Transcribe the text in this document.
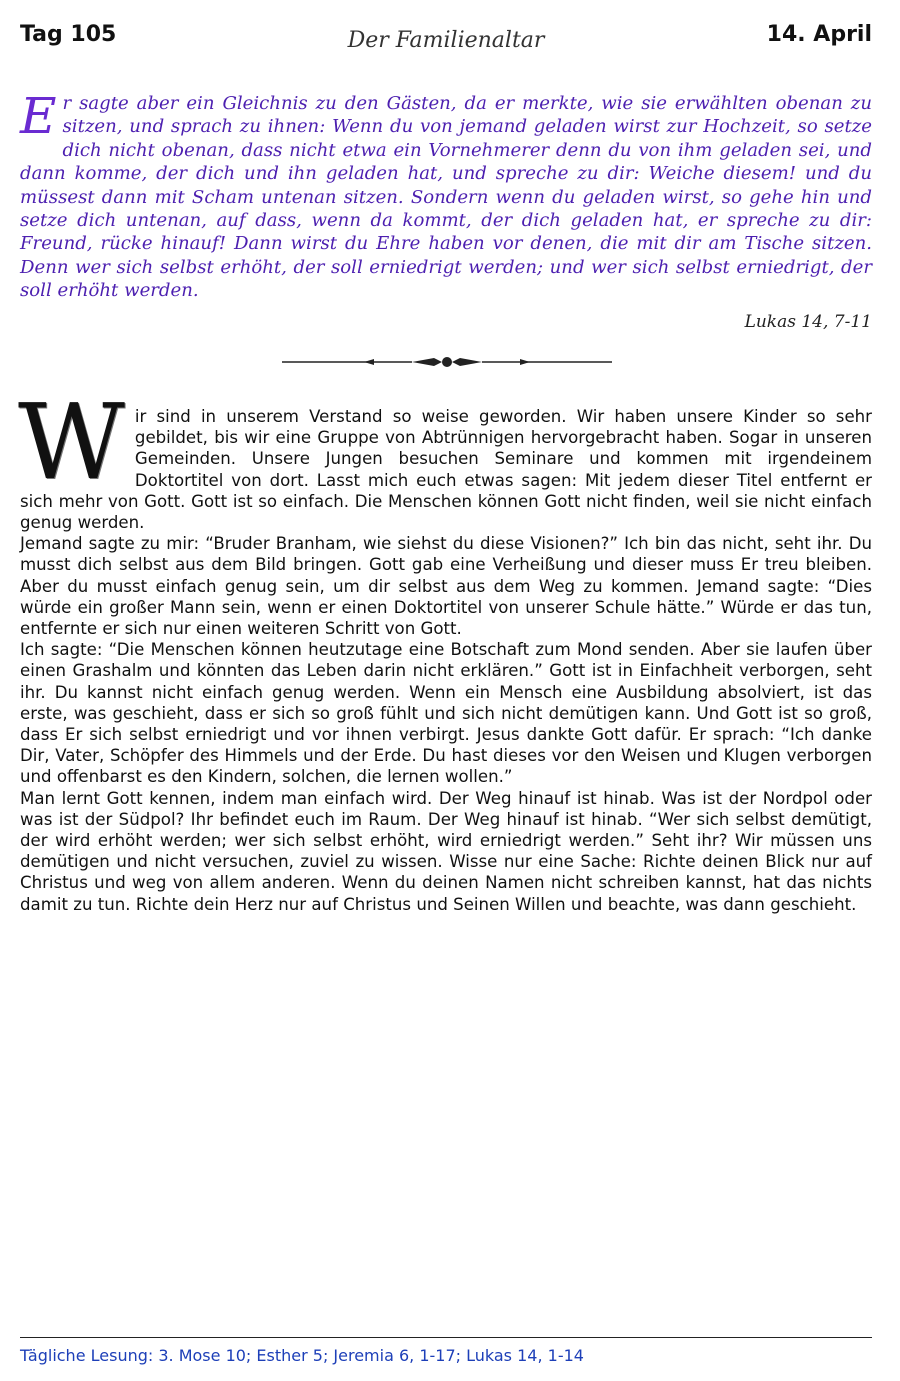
Tag 105	Der Familienaltar	14. April
Er sagte aber ein Gleichnis zu den Gästen, da er merkte, wie sie erwählten obenan zu sitzen, und sprach zu ihnen: Wenn du von jemand geladen wirst zur Hochzeit, so setze dich nicht obenan, dass nicht etwa ein Vornehmerer denn du von ihm geladen sei, und dann komme, der dich und ihn geladen hat, und spreche zu dir: Weiche diesem! und du müssest dann mit Scham untenan sitzen. Sondern wenn du geladen wirst, so gehe hin und setze dich untenan, auf dass, wenn da kommt, der dich geladen hat, er spreche zu dir: Freund, rücke hinauf! Dann wirst du Ehre haben vor denen, die mit dir am Tische sitzen. Denn wer sich selbst erhöht, der soll erniedrigt werden; und wer sich selbst erniedrigt, der soll erhöht werden.
Lukas 14, 7-11

Wir sind in unserem Verstand so weise geworden. Wir haben unsere Kinder so sehr gebildet, bis wir eine Gruppe von Abtrünnigen hervorgebracht haben. Sogar in unseren Gemeinden. Unsere Jungen besuchen Seminare und kommen mit irgendeinem Doktortitel von dort. Lasst mich euch etwas sagen: Mit jedem dieser Titel entfernt er sich mehr von Gott. Gott ist so einfach. Die Menschen können Gott nicht finden, weil sie nicht einfach genug werden.

Jemand sagte zu mir: “Bruder Branham, wie siehst du diese Visionen?” Ich bin das nicht, seht ihr. Du musst dich selbst aus dem Bild bringen. Gott gab eine Verheißung und dieser muss Er treu bleiben. Aber du musst einfach genug sein, um dir selbst aus dem Weg zu kommen. Jemand sagte: “Dies würde ein großer Mann sein, wenn er einen Doktortitel von unserer Schule hätte.” Würde er das tun, entfernte er sich nur einen weiteren Schritt von Gott.

Ich sagte: “Die Menschen können heutzutage eine Botschaft zum Mond senden. Aber sie laufen über einen Grashalm und könnten das Leben darin nicht erklären.” Gott ist in Einfachheit verborgen, seht ihr. Du kannst nicht einfach genug werden. Wenn ein Mensch eine Ausbildung absolviert, ist das erste, was geschieht, dass er sich so groß fühlt und sich nicht demütigen kann. Und Gott ist so groß, dass Er sich selbst erniedrigt und vor ihnen verbirgt. Jesus dankte Gott dafür. Er sprach: “Ich danke Dir, Vater, Schöpfer des Himmels und der Erde. Du hast dieses vor den Weisen und Klugen verborgen und offenbarst es den Kindern, solchen, die lernen wollen.”

Man lernt Gott kennen, indem man einfach wird. Der Weg hinauf ist hinab. Was ist der Nordpol oder was ist der Südpol? Ihr befindet euch im Raum. Der Weg hinauf ist hinab. “Wer sich selbst demütigt, der wird erhöht werden; wer sich selbst erhöht, wird erniedrigt werden.” Seht ihr? Wir müssen uns demütigen und nicht versuchen, zuviel zu wissen. Wisse nur eine Sache: Richte deinen Blick nur auf Christus und weg von allem anderen. Wenn du deinen Namen nicht schreiben kannst, hat das nichts damit zu tun. Richte dein Herz nur auf Christus und Seinen Willen und beachte, was dann geschieht.

Tägliche Lesung: 3. Mose 10; Esther 5; Jeremia 6, 1-17; Lukas 14, 1-14
